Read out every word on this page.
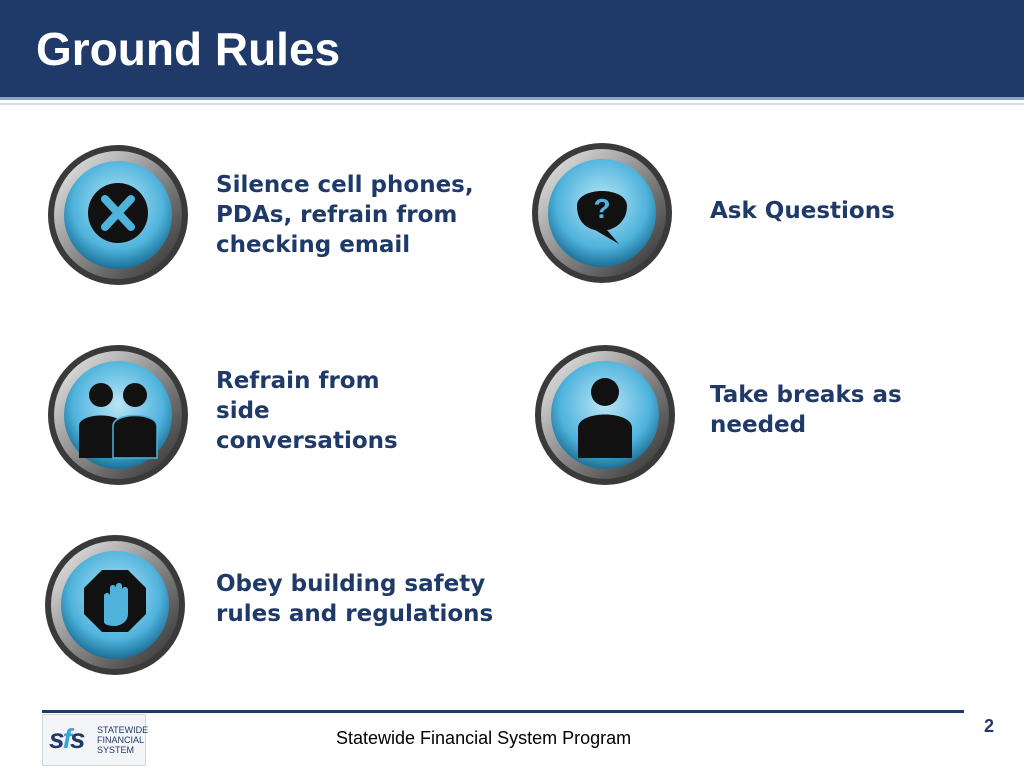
Ground Rules
Silence cell phones, PDAs, refrain from checking email
?	Ask Questions
Refrain from side conversations
Take breaks as needed
Obey building safety rules and regulations
sfs STATEWIDE
FINANCIAL
SYSTEM
Statewide Financial System Program
2
